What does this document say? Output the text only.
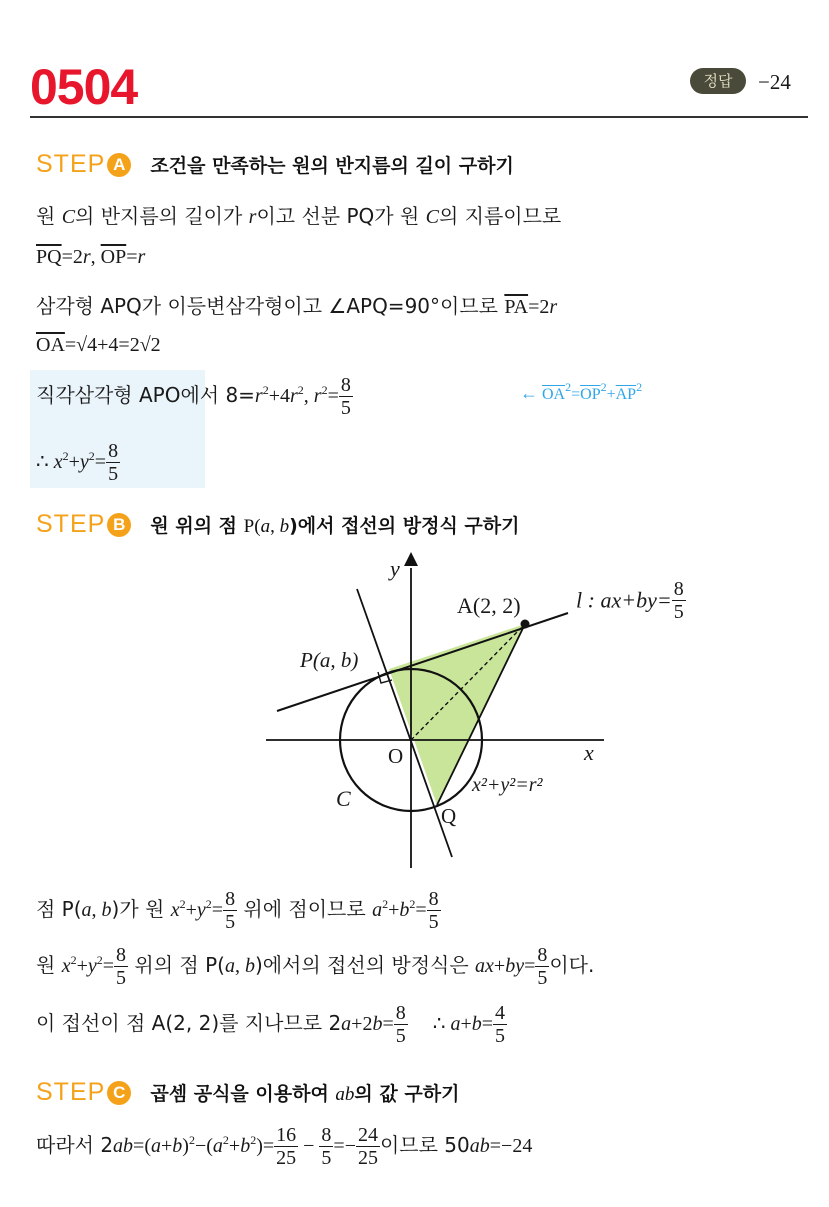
0504	정답	−24
STEP A 조건을 만족하는 원의 반지름의 길이 구하기
원 C의 반지름의 길이가 r이고 선분 PQ가 원 C의 지름이므로
$\overline{PQ}=2r$, $\overline{OP}=r$
삼각형 APQ가 이등변삼각형이고 ∠APQ=90°이므로 $\overline{PA}=2r$
$\overline{OA}=√4+4=2√2$
직각삼각형 APO에서 $8=r^2+4r^2$, $r^2= \frac{8}{5}$	← $\overline{OA}^2=\overline{OP}^2+\overline{AP}^2$
∴ $x^2+y^2= \frac{8}{5}$
STEP B 원 위의 점 P(a, b)에서 접선의 방정식 구하기
y
x
O
C
Q
A(2, 2)
P(a, b)
l : $ax+by= \frac{8}{5}$
x²+y²=r²
점 P(a, b)가 원 $x^2+y^2= \frac{8}{5}$ 위에 점이므로 $a^2+b^2= \frac{8}{5}$
원 $x^2+y^2= \frac{8}{5}$ 위의 점 P(a, b)에서의 접선의 방정식은 $ax+by= \frac{8}{5}$ 이다.
이 접선이 점 A(2, 2)를 지나므로 $2a+2b= \frac{8}{5}$ ∴ $a+b= \frac{4}{5}$
STEP C 곱셈 공식을 이용하여 ab의 값 구하기
따라서 $2ab=(a+b)^2-(a^2+b^2)= \frac{16}{25} - \frac{8}{5} =- \frac{24}{25}$ 이므로 50ab=−24
